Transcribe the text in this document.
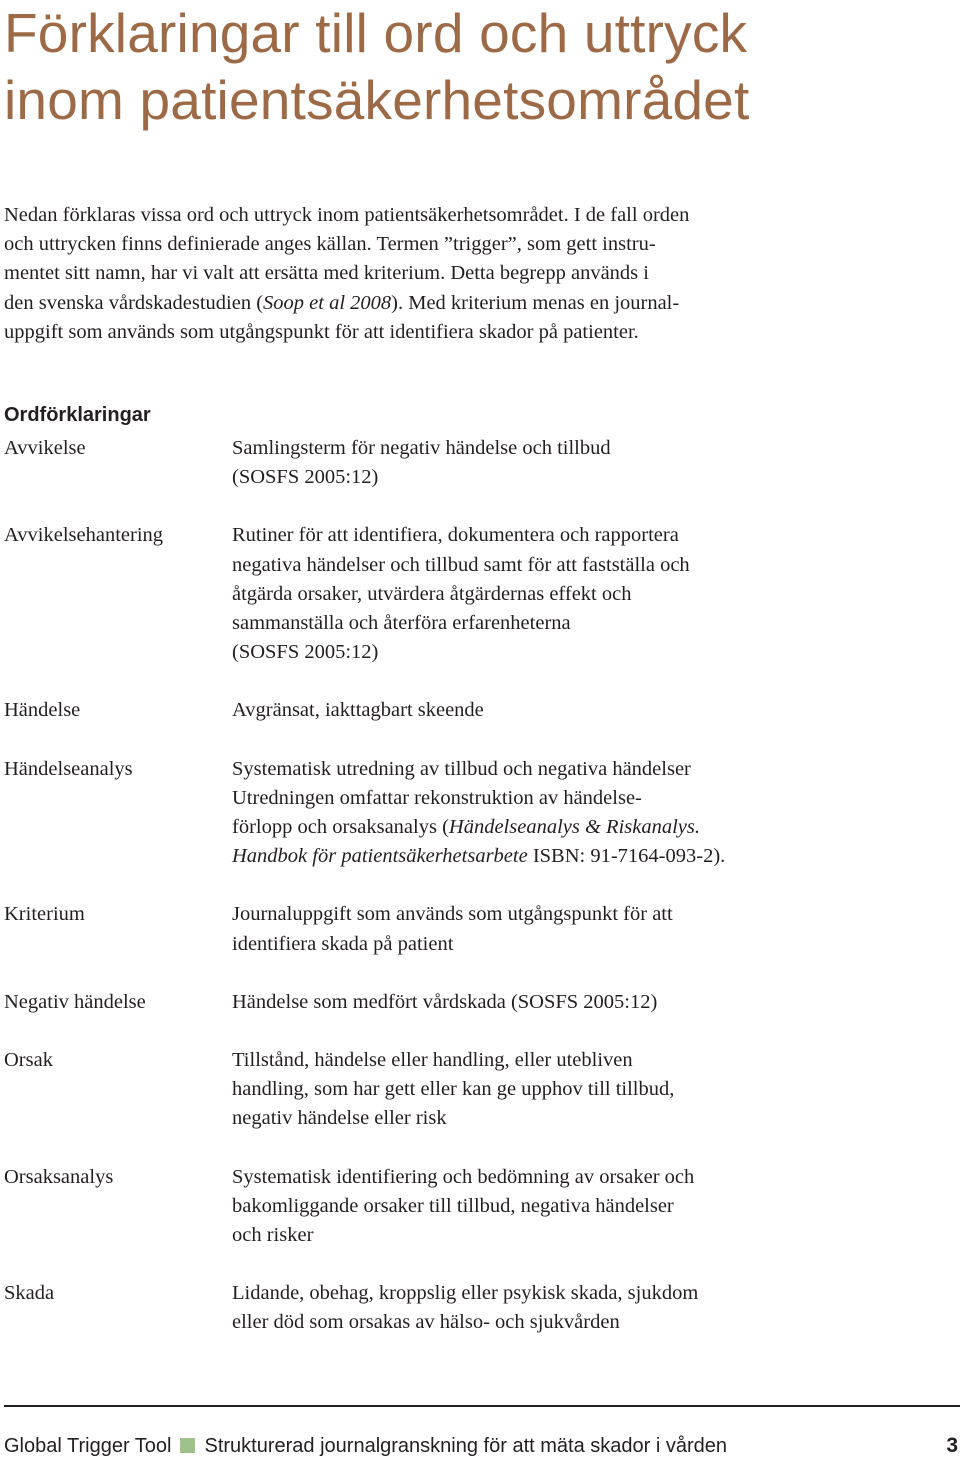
Förklaringar till ord och uttryck
inom patientsäkerhetsområdet

Nedan förklaras vissa ord och uttryck inom patientsäkerhetsområdet. I de fall orden
och uttrycken finns definierade anges källan. Termen ”trigger”, som gett instru-
mentet sitt namn, har vi valt att ersätta med kriterium. Detta begrepp används i
den svenska vårdskadestudien (Soop et al 2008). Med kriterium menas en journal-
uppgift som används som utgångspunkt för att identifiera skador på patienter.

Ordförklaringar
Avvikelse	Samlingsterm för negativ händelse och tillbud
(SOSFS 2005:12)
Avvikelsehantering	Rutiner för att identifiera, dokumentera och rapportera
negativa händelser och tillbud samt för att fastställa och
åtgärda orsaker, utvärdera åtgärdernas effekt och
sammanställa och återföra erfarenheterna
(SOSFS 2005:12)
Händelse	Avgränsat, iakttagbart skeende
Händelseanalys	Systematisk utredning av tillbud och negativa händelser
Utredningen omfattar rekonstruktion av händelse-
förlopp och orsaksanalys (Händelseanalys & Riskanalys.
Handbok för patientsäkerhetsarbete ISBN: 91-7164-093-2).
Kriterium	Journaluppgift som används som utgångspunkt för att
identifiera skada på patient
Negativ händelse	Händelse som medfört vårdskada (SOSFS 2005:12)
Orsak	Tillstånd, händelse eller handling, eller utebliven
handling, som har gett eller kan ge upphov till tillbud,
negativ händelse eller risk
Orsaksanalys	Systematisk identifiering och bedömning av orsaker och
bakomliggande orsaker till tillbud, negativa händelser
och risker
Skada	Lidande, obehag, kroppslig eller psykisk skada, sjukdom
eller död som orsakas av hälso- och sjukvården
Global Trigger Tool Strukturerad journalgranskning för att mäta skador i vården	3
